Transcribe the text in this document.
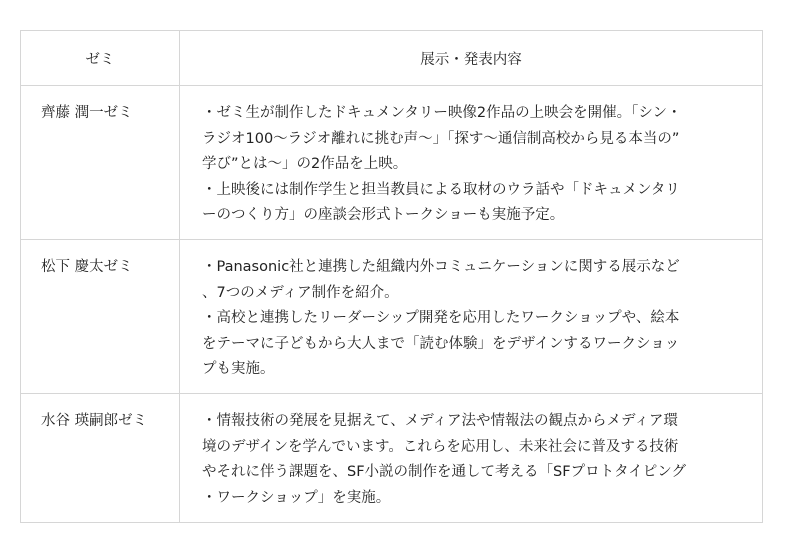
ゼミ	展示・発表内容
齊藤 潤一ゼミ	・ゼミ生が制作したドキュメンタリー映像2作品の上映会を開催。「シン・
ラジオ100〜ラジオ離れに挑む声〜」「探す〜通信制高校から見る本当の”
学び”とは〜」の2作品を上映。
・上映後には制作学生と担当教員による取材のウラ話や「ドキュメンタリ
ーのつくり方」の座談会形式トークショーも実施予定。

松下 慶太ゼミ	・Panasonic社と連携した組織内外コミュニケーションに関する展示など
、7つのメディア制作を紹介。
・高校と連携したリーダーシップ開発を応用したワークショップや、絵本
をテーマに子どもから大人まで「読む体験」をデザインするワークショッ
プも実施。

水谷 瑛嗣郎ゼミ	・情報技術の発展を見据えて、メディア法や情報法の観点からメディア環
境のデザインを学んでいます。これらを応用し、未来社会に普及する技術
やそれに伴う課題を、SF小説の制作を通して考える「SFプロトタイピング
・ワークショップ」を実施。
